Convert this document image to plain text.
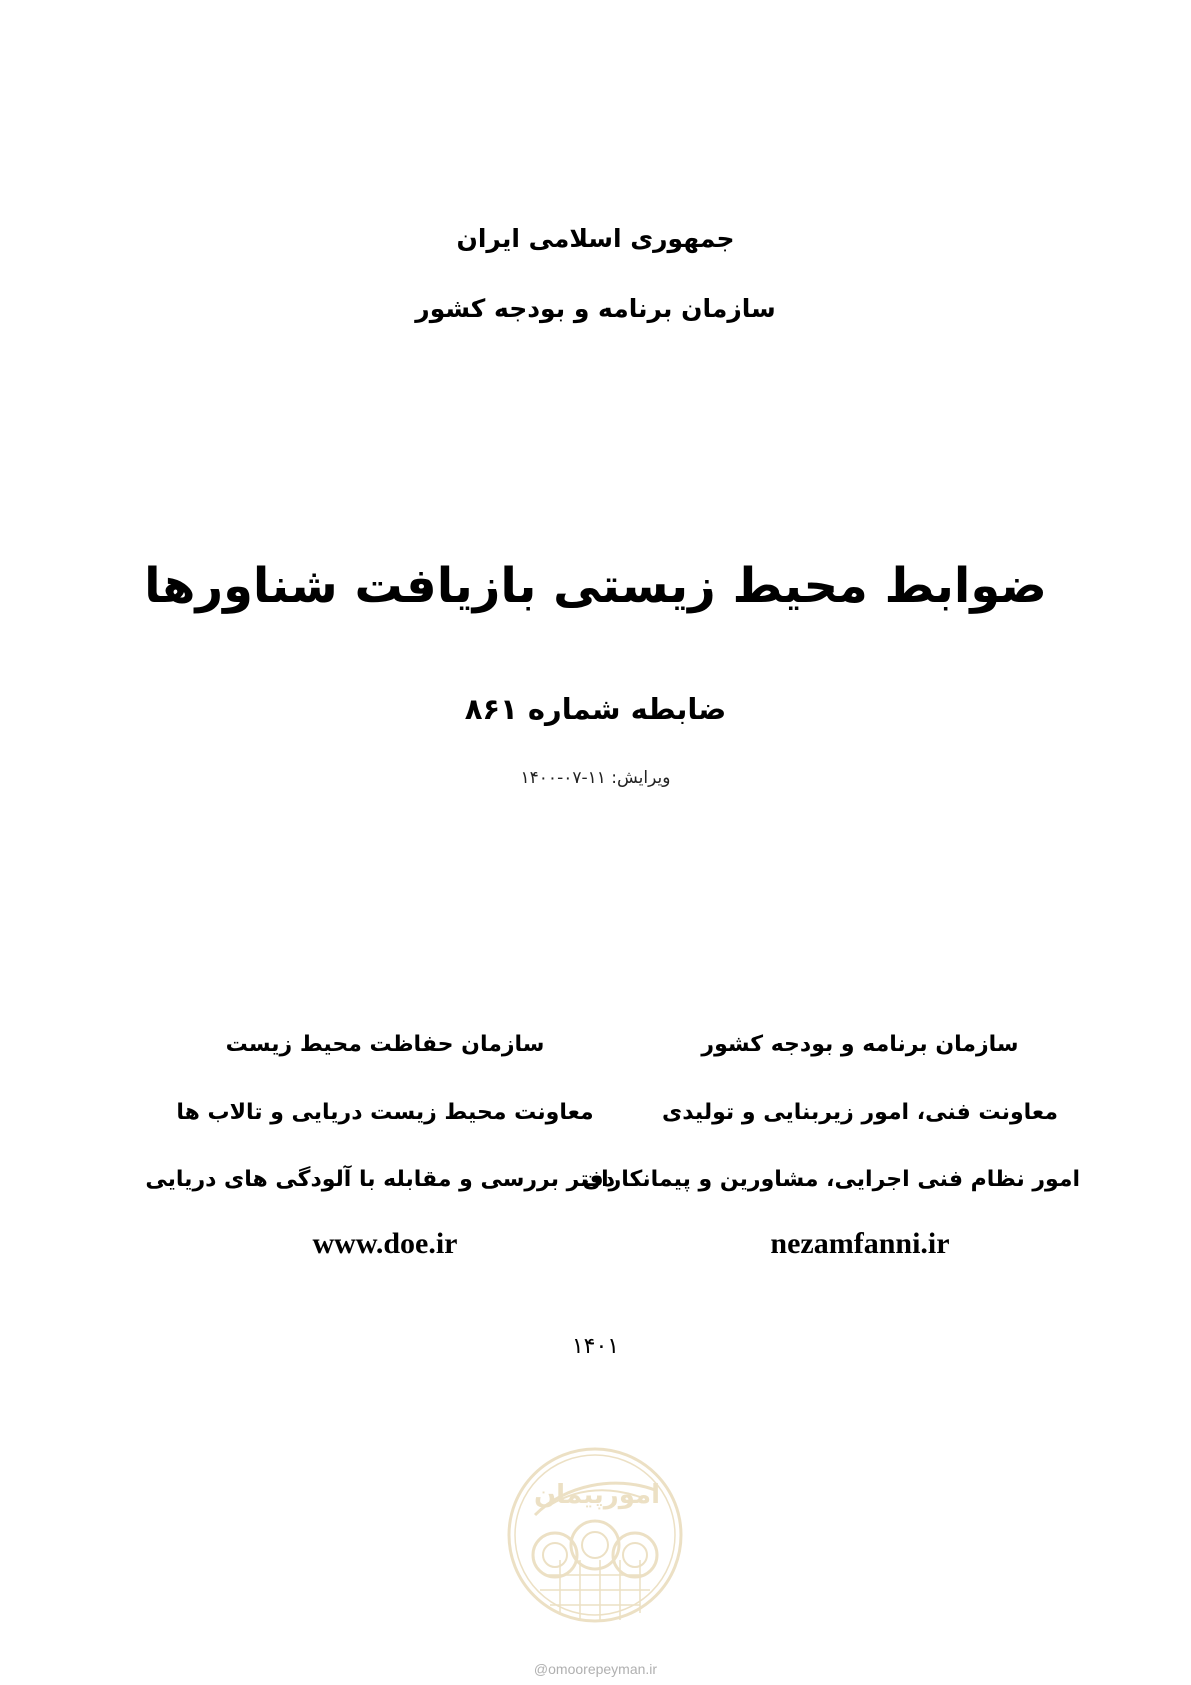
جمهوری اسلامی ایران
سازمان برنامه و بودجه کشور
ضوابط محیط زیستی بازیافت شناورها
ضابطه شماره ۸۶۱
ویرایش: ۱۱-۰۷-۱۴۰۰
سازمان برنامه و بودجه کشور
معاونت فنی، امور زیربنایی و تولیدی
امور نظام فنی اجرایی، مشاورین و پیمانکاران
nezamfanni.ir
سازمان حفاظت محیط زیست
معاونت محیط زیست دریایی و تالاب ها
دفتر بررسی و مقابله با آلودگی های دریایی
www.doe.ir
۱۴۰۱
امورپیمان
@omoorepeyman.ir
